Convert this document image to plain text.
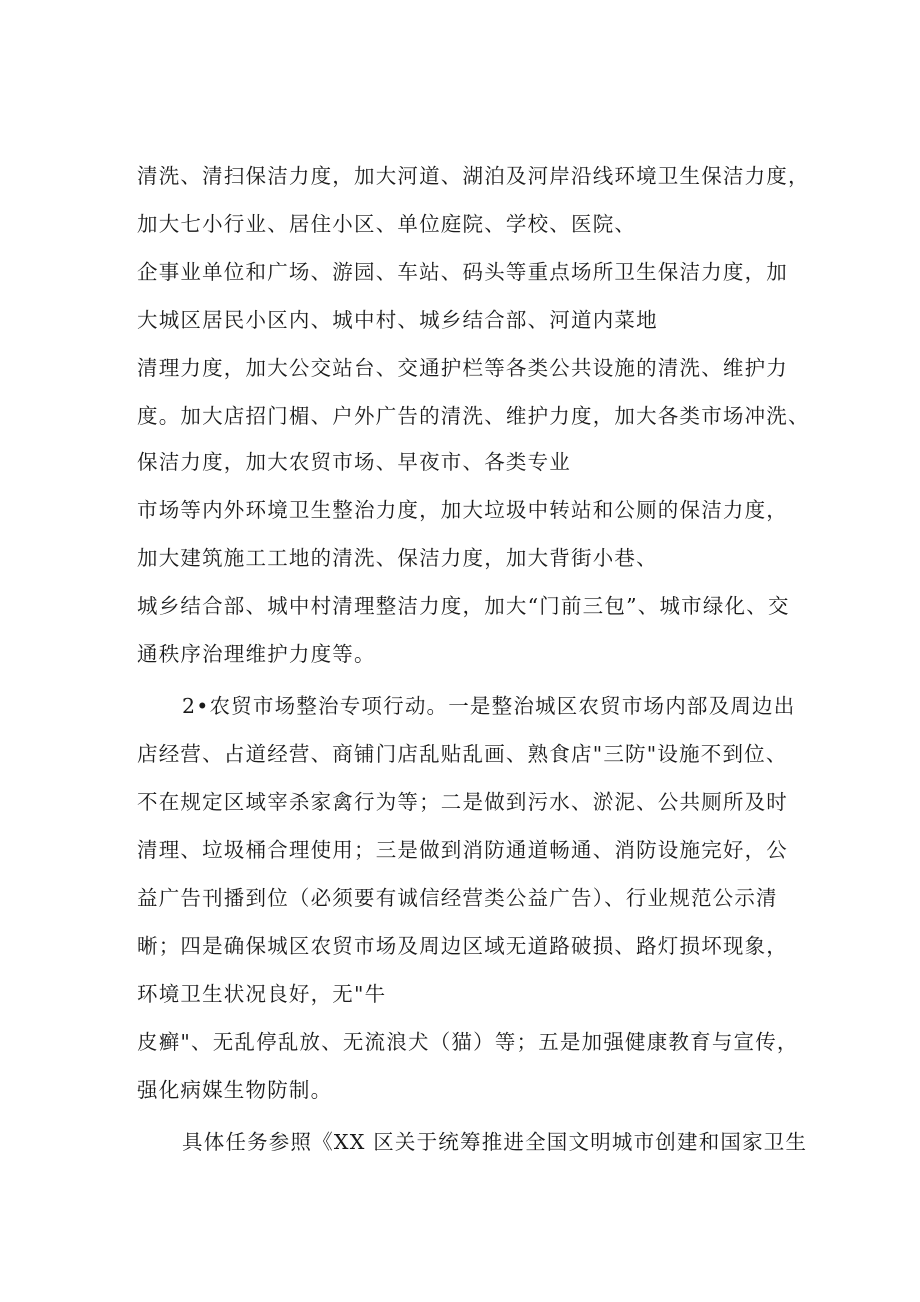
清洗、清扫保洁力度，加大河道、湖泊及河岸沿线环境卫生保洁力度，
加大七小行业、居住小区、单位庭院、学校、医院、
企事业单位和广场、游园、车站、码头等重点场所卫生保洁力度，加
大城区居民小区内、城中村、城乡结合部、河道内菜地
清理力度，加大公交站台、交通护栏等各类公共设施的清洗、维护力
度。加大店招门楣、户外广告的清洗、维护力度，加大各类市场冲洗、
保洁力度，加大农贸市场、早夜市、各类专业
市场等内外环境卫生整治力度，加大垃圾中转站和公厕的保洁力度，
加大建筑施工工地的清洗、保洁力度，加大背街小巷、
城乡结合部、城中村清理整洁力度，加大“门前三包”、城市绿化、交
通秩序治理维护力度等。
2•农贸市场整治专项行动。一是整治城区农贸市场内部及周边出
店经营、占道经营、商铺门店乱贴乱画、熟食店"三防"设施不到位、
不在规定区域宰杀家禽行为等；二是做到污水、淤泥、公共厕所及时
清理、垃圾桶合理使用；三是做到消防通道畅通、消防设施完好，公
益广告刊播到位（必须要有诚信经营类公益广告）、行业规范公示清
晰；四是确保城区农贸市场及周边区域无道路破损、路灯损坏现象，
环境卫生状况良好，无"牛
皮癣"、无乱停乱放、无流浪犬（猫）等；五是加强健康教育与宣传，
强化病媒生物防制。
具体任务参照《XX 区关于统筹推进全国文明城市创建和国家卫生
